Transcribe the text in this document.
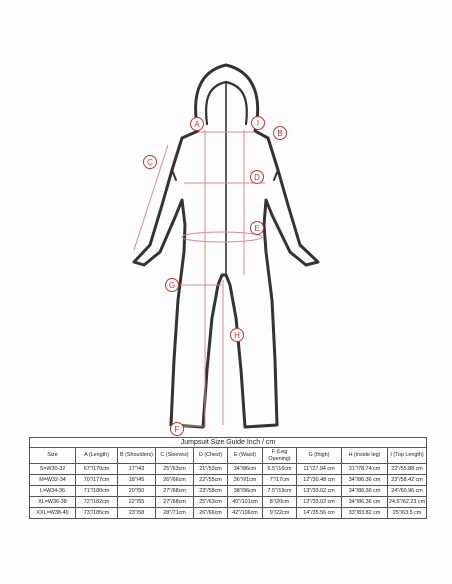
A	I
B
C
D
E
G
H
F
Jumpsuit Size Guide Inch / cm
Size	A (Length)	B (Shoulders)	C (Sleeves)	D (Chest)	E (Waist)	F (Leg Opening)	G (thigh)	H (inside leg)	I (Top Length)
S=W30-32	67"/170cm	17"/43	25"/63cm	21"/53cm	34"/86cm	6.5"/16cm	11"/27.94 cm	31"/78.74 cm	22"/55.88 cm
M=W32-34	70"/177cm	18"/45	26"/66cm	22"/55cm	36"/91cm	7"/17cm	12"/30.48 cm	34"/86.36 cm	23"/58.42 cm
L=W34-36	71"/180cm	20"/50	27"/68cm	23"/58cm	38"/96cm	7.5"/19cm	13"/33.02 cm	34"/86.36 cm	24"/60.96 cm
XL=W36-38	72"/182cm	22"/55	27"/68cm	25"/63cm	40"/101cm	8"/20cm	13"/33.02 cm	34"/86.36 cm	24.5"/62.23 cm
XXL=W38-40	73"/185cm	23"/58	28"/71cm	26"/66cm	42"/106cm	9"/22cm	14"/35.56 cm	33"/83.82 cm	25"/63.5 cm
